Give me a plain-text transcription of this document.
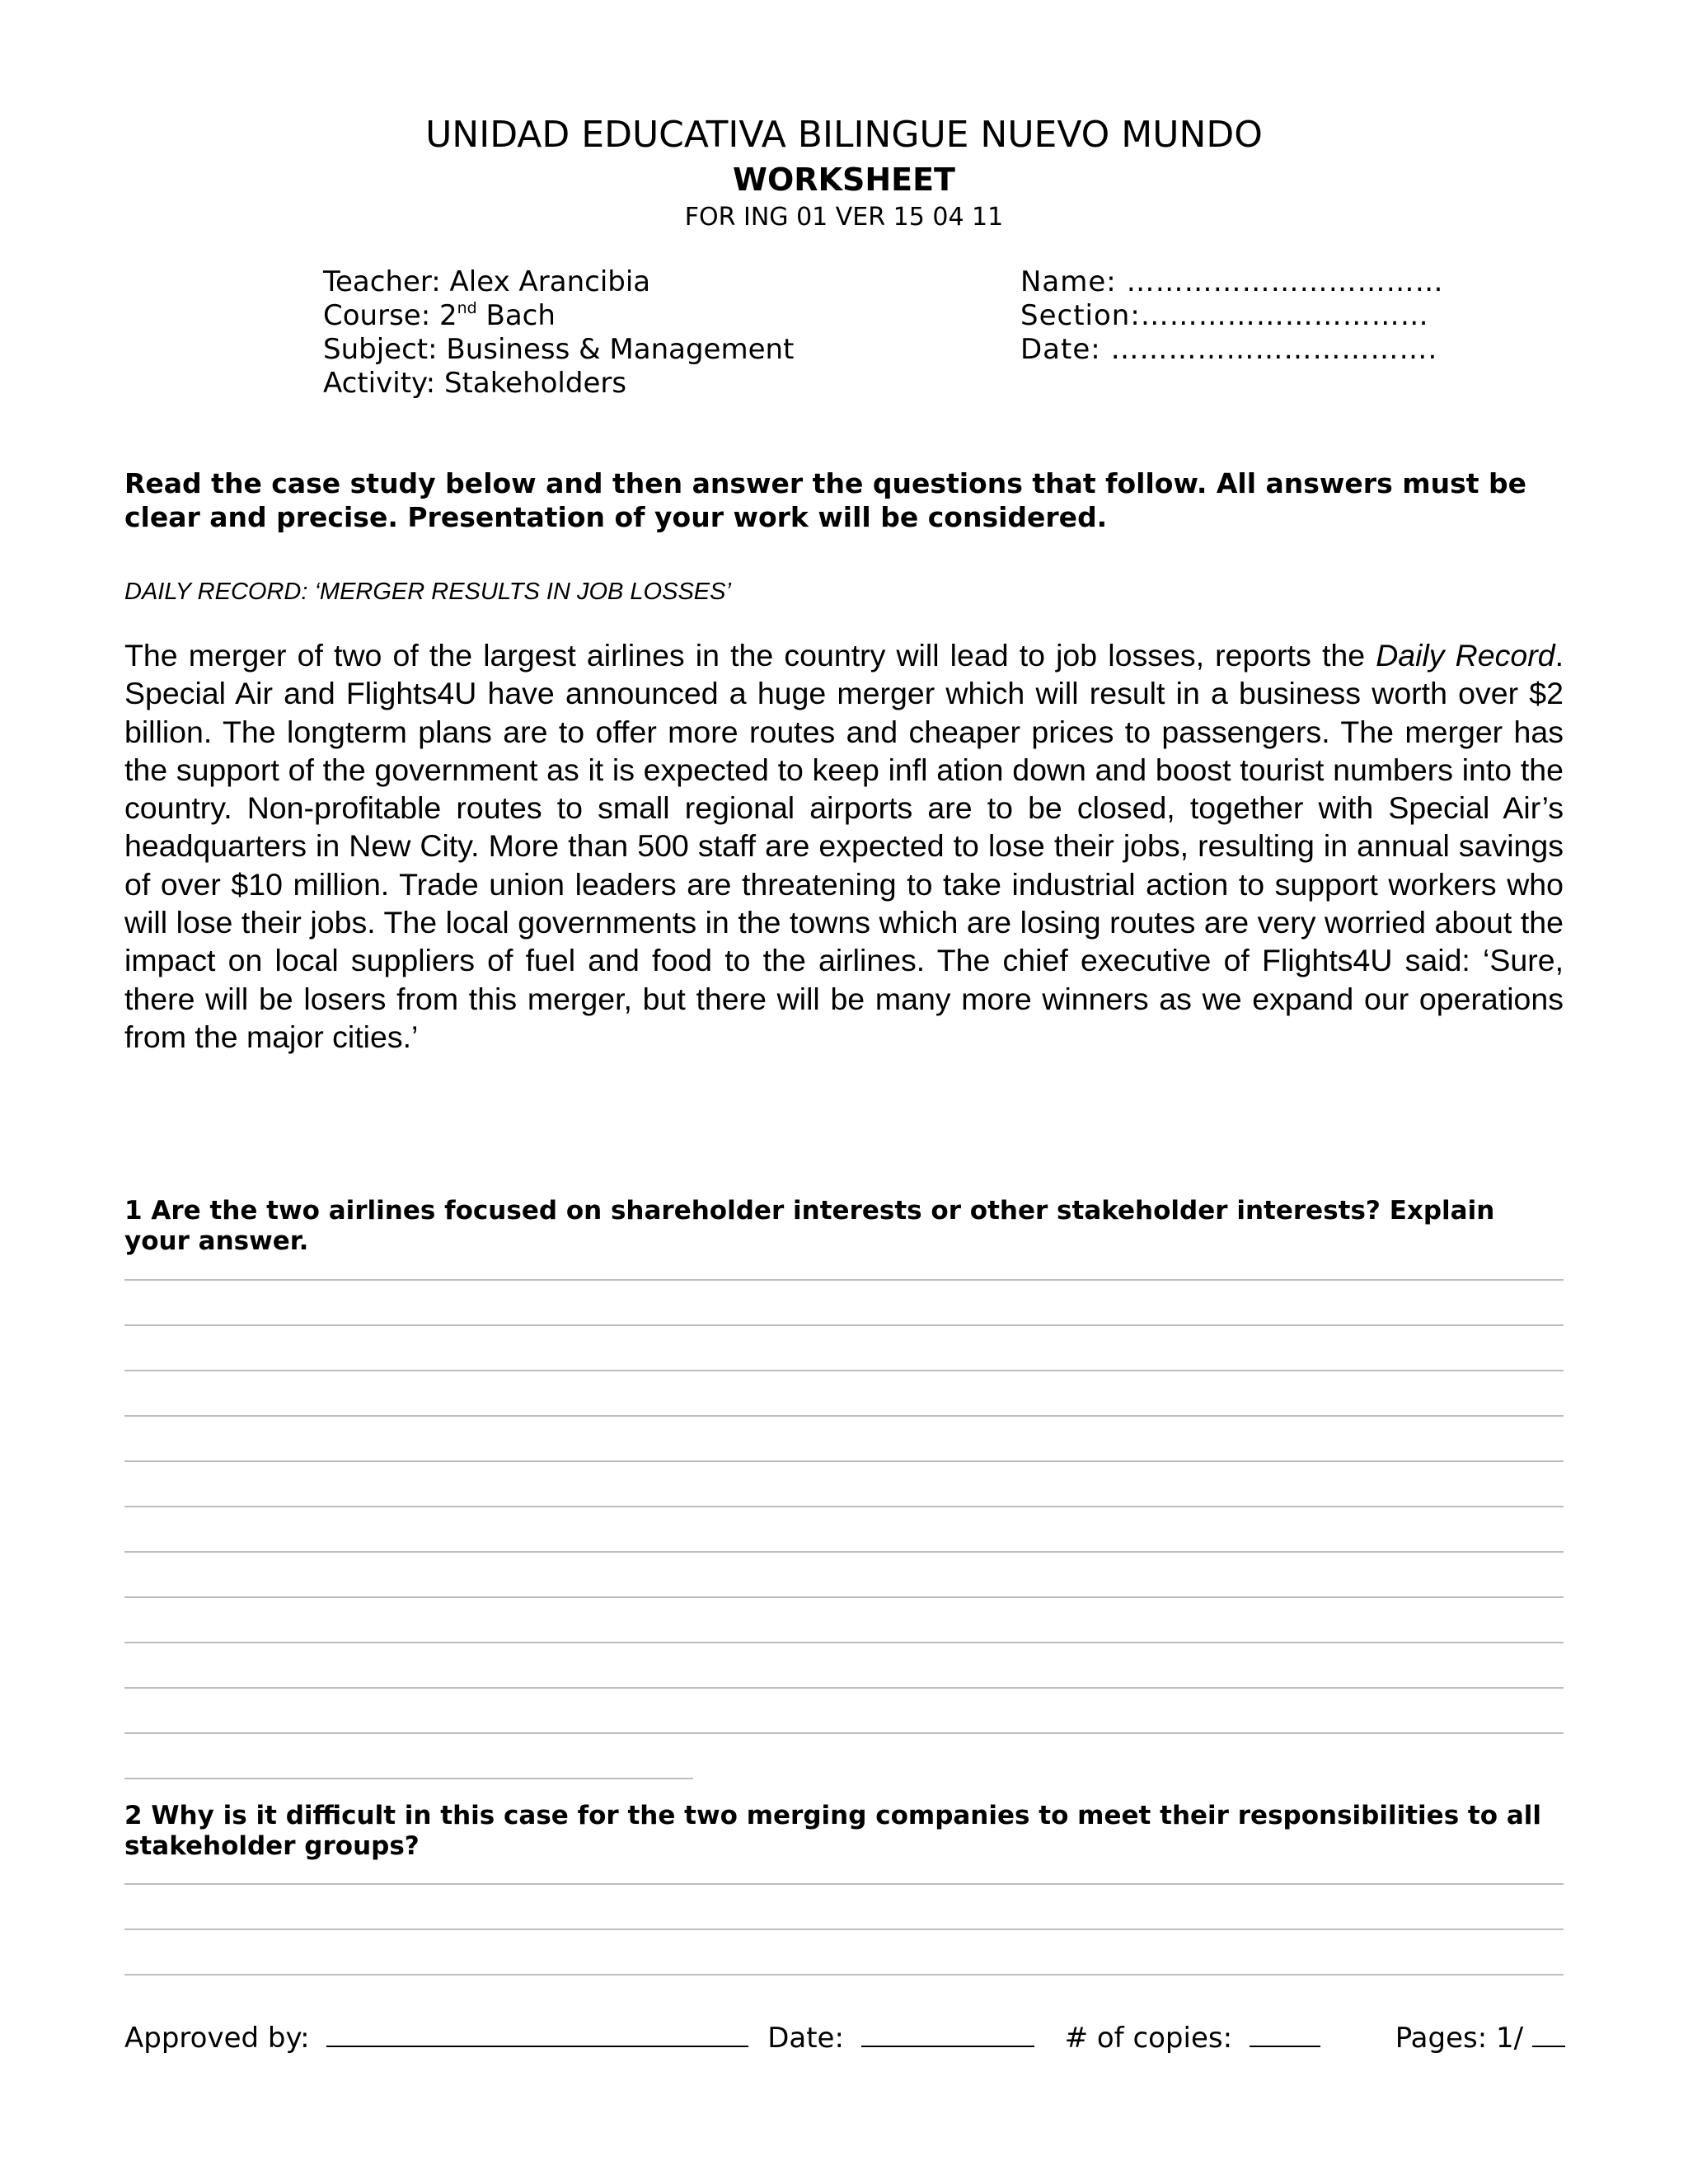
UNIDAD EDUCATIVA BILINGUE NUEVO MUNDO
WORKSHEET
FOR ING 01 VER 15 04 11
Teacher: Alex Arancibia
Course: 2nd Bach
Subject: Business & Management
Activity: Stakeholders
Name: ……………………………
Section:…………………………
Date: …………………………….
Read the case study below and then answer the questions that follow. All answers must be clear and precise. Presentation of your work will be considered.
DAILY RECORD: ‘MERGER RESULTS IN JOB LOSSES’
The merger of two of the largest airlines in the country will lead to job losses, reports the Daily Record. Special Air and Flights4U have announced a huge merger which will result in a business worth over $2 billion. The longterm plans are to offer more routes and cheaper prices to passengers. The merger has the support of the government as it is expected to keep infl ation down and boost tourist numbers into the country. Non-profitable routes to small regional airports are to be closed, together with Special Air’s headquarters in New City. More than 500 staff are expected to lose their jobs, resulting in annual savings of over $10 million. Trade union leaders are threatening to take industrial action to support workers who will lose their jobs. The local governments in the towns which are losing routes are very worried about the impact on local suppliers of fuel and food to the airlines. The chief executive of Flights4U said: ‘Sure, there will be losers from this merger, but there will be many more winners as we expand our operations from the major cities.’
1 Are the two airlines focused on shareholder interests or other stakeholder interests? Explain your answer.
2 Why is it difficult in this case for the two merging companies to meet their responsibilities to all stakeholder groups?
Approved by:	Date:	# of copies:	Pages: 1/
